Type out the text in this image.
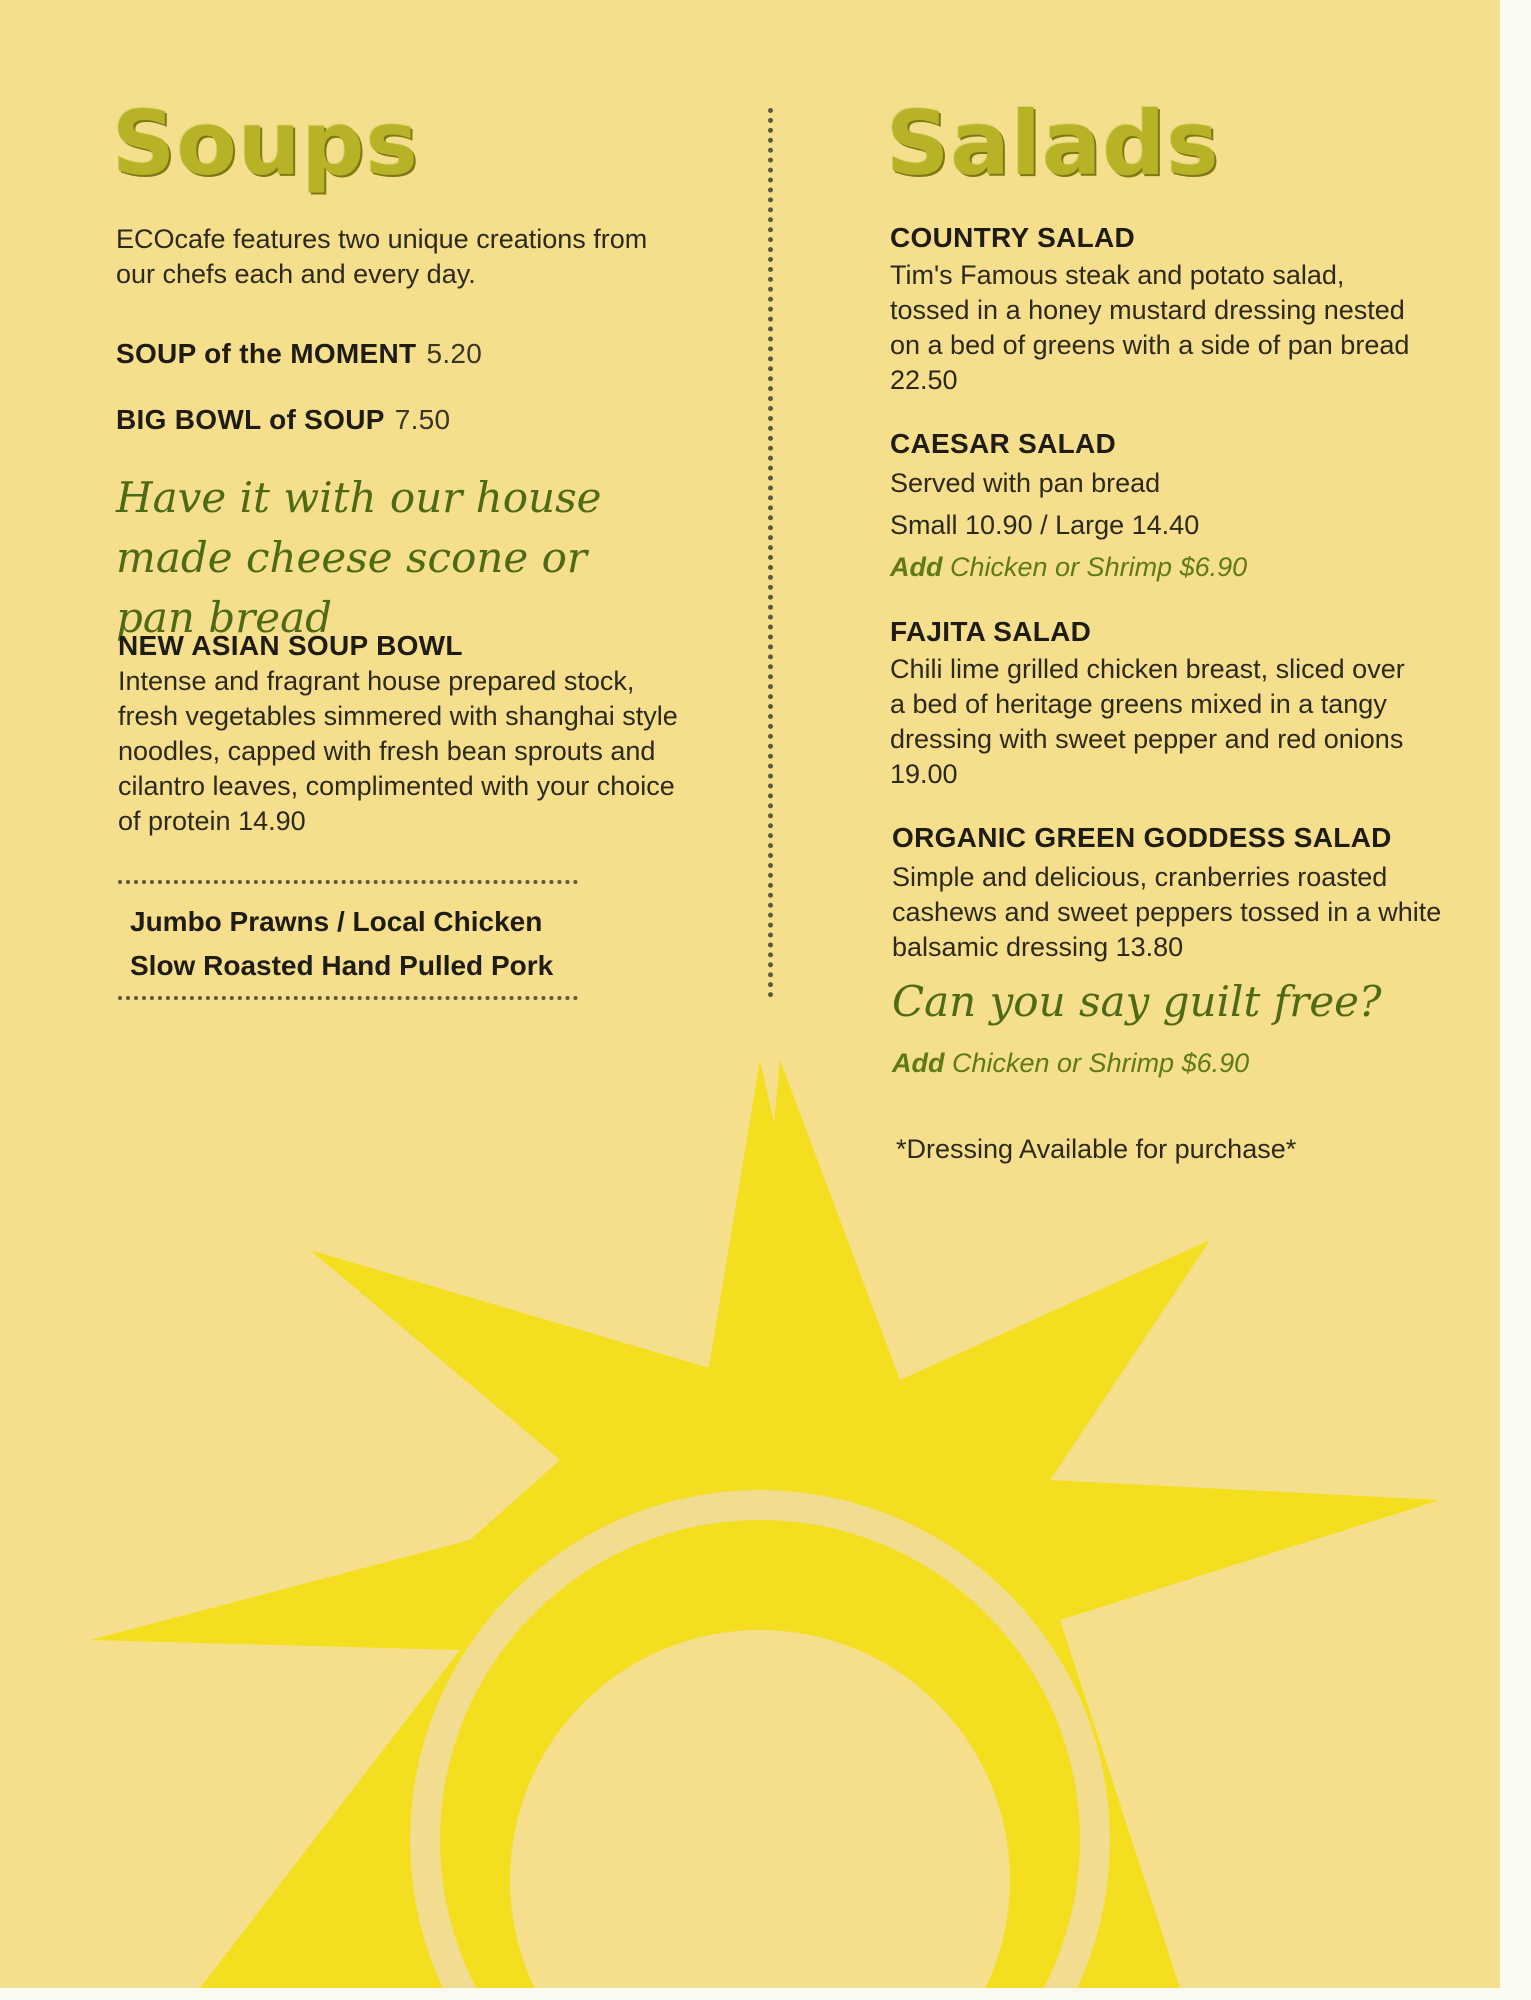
Soups

ECOcafe features two unique creations from our chefs each and every day.

SOUP of the MOMENT 5.20

BIG BOWL of SOUP 7.50

Have it with our house made cheese scone or pan bread

NEW ASIAN SOUP BOWL

Intense and fragrant house prepared stock, fresh vegetables simmered with shanghai style noodles, capped with fresh bean sprouts and cilantro leaves, complimented with your choice of protein 14.90

Jumbo Prawns / Local Chicken

Slow Roasted Hand Pulled Pork

Salads

COUNTRY SALAD

Tim's Famous steak and potato salad, tossed in a honey mustard dressing nested on a bed of greens with a side of pan bread 22.50

CAESAR SALAD

Served with pan bread

Small 10.90 / Large 14.40

Add Chicken or Shrimp $6.90

FAJITA SALAD

Chili lime grilled chicken breast, sliced over a bed of heritage greens mixed in a tangy dressing with sweet pepper and red onions 19.00

ORGANIC GREEN GODDESS SALAD

Simple and delicious, cranberries roasted cashews and sweet peppers tossed in a white balsamic dressing 13.80

Can you say guilt free?

Add Chicken or Shrimp $6.90

*Dressing Available for purchase*
